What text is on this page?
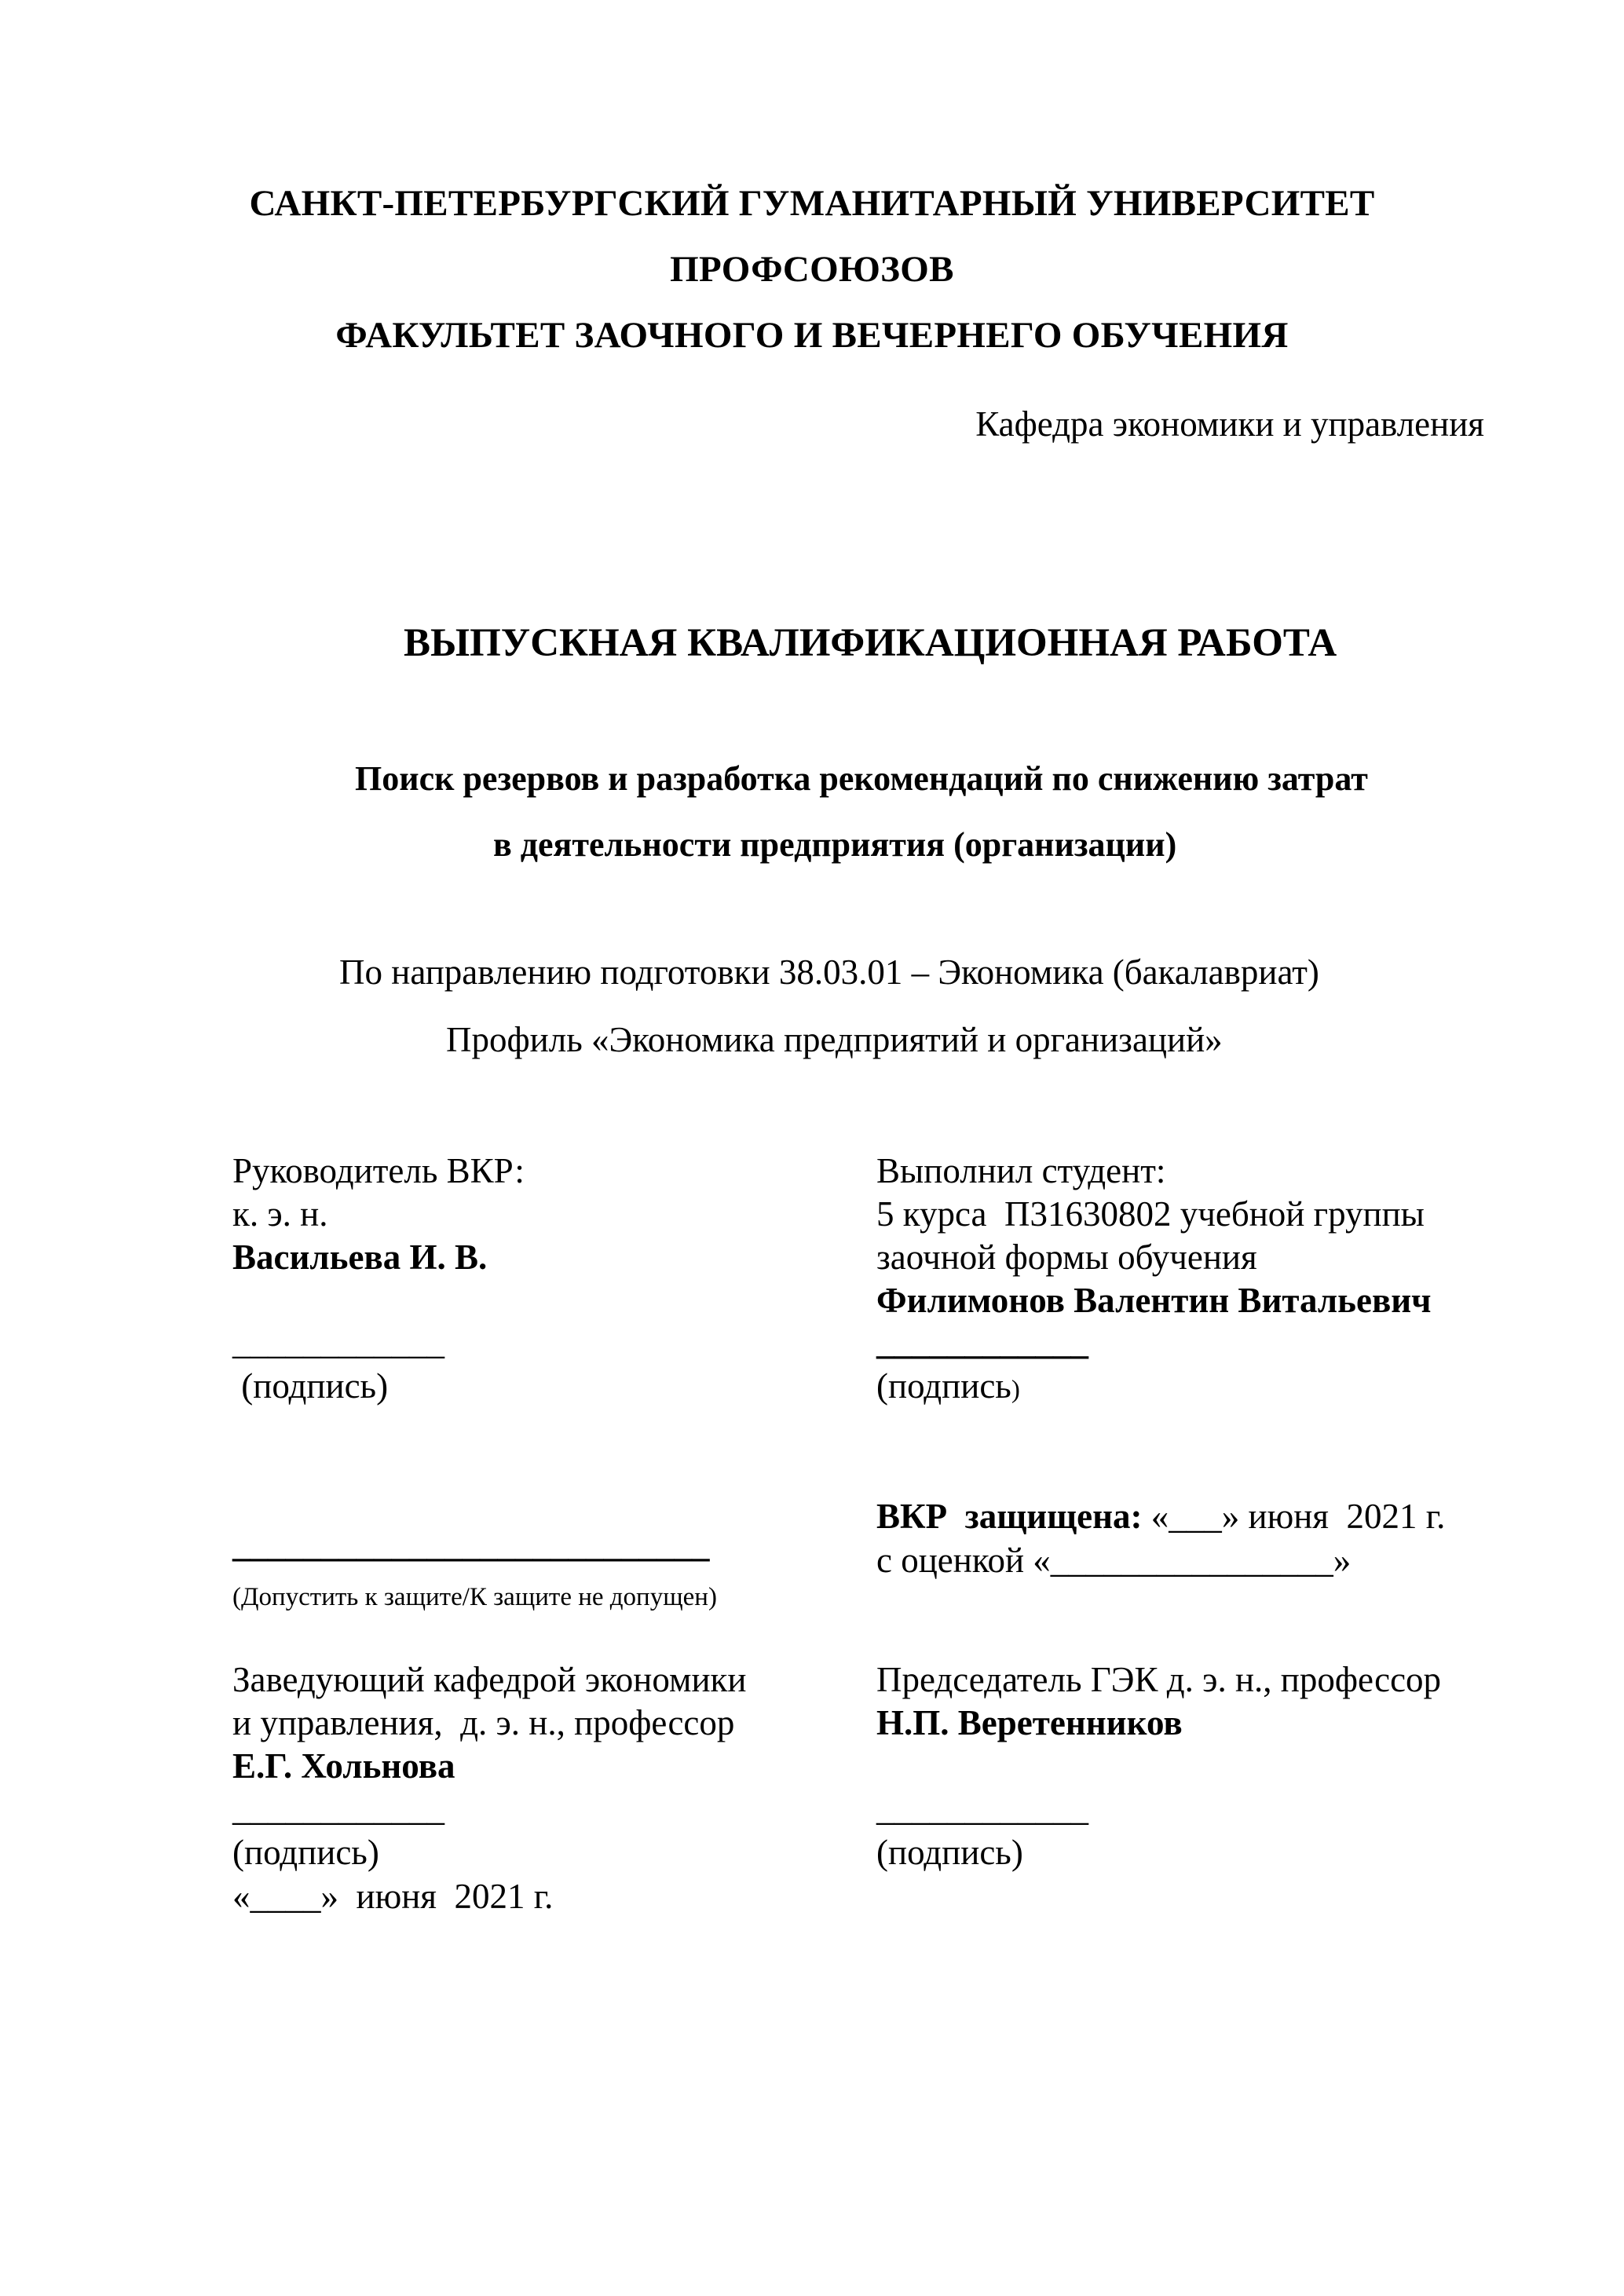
САНКТ-ПЕТЕРБУРГСКИЙ ГУМАНИТАРНЫЙ УНИВЕРСИТЕТ
ПРОФСОЮЗОВ
ФАКУЛЬТЕТ ЗАОЧНОГО И ВЕЧЕРНЕГО ОБУЧЕНИЯ
Кафедра экономики и управления
ВЫПУСКНАЯ КВАЛИФИКАЦИОННАЯ РАБОТА
Поиск резервов и разработка рекомендаций по снижению затрат
в деятельности предприятия (организации)
По направлению подготовки 38.03.01 – Экономика (бакалавриат)
Профиль «Экономика предприятий и организаций»
Руководитель ВКР:
к. э. н.
Васильева И. В.
____________
(подпись)
Выполнил студент:
5 курса  П31630802 учебной группы
заочной формы обучения
Филимонов Валентин Витальевич
____________
(подпись)
___________________________
(Допустить к защите/К защите не допущен)
ВКР  защищена: «___» июня  2021 г.
с оценкой «________________»
Заведующий кафедрой экономики
и управления,  д. э. н., профессор
Е.Г. Хольнова
____________
(подпись)
«____»  июня  2021 г.
Председатель ГЭК д. э. н., профессор
Н.П. Веретенников
____________
(подпись)
